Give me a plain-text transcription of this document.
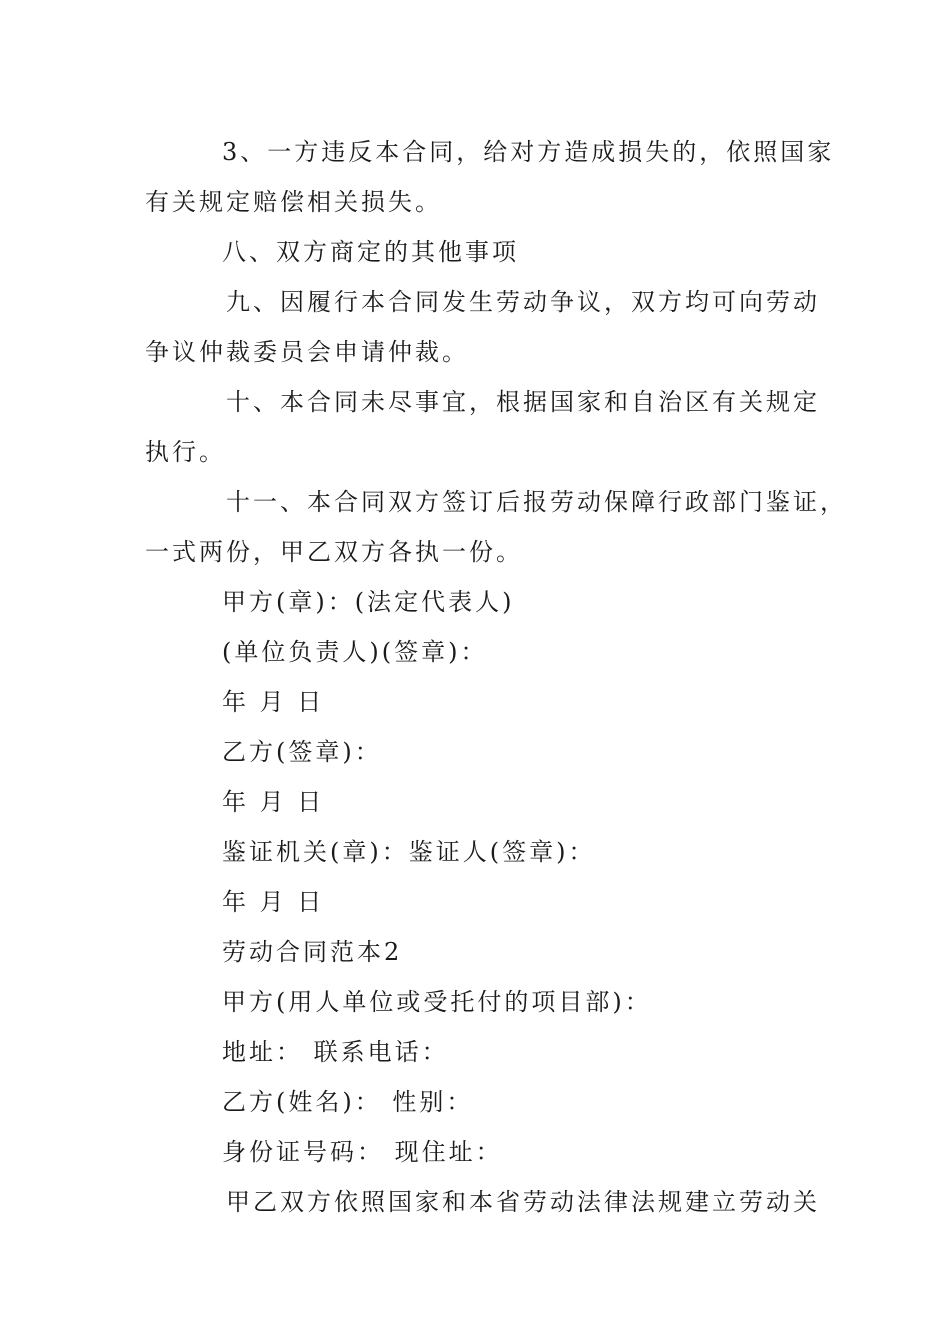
3、一方违反本合同，给对方造成损失的，依照国家
有关规定赔偿相关损失。
八、双方商定的其他事项
九、因履行本合同发生劳动争议，双方均可向劳动
争议仲裁委员会申请仲裁。
十、本合同未尽事宜，根据国家和自治区有关规定
执行。
十一、本合同双方签订后报劳动保障行政部门鉴证，
一式两份，甲乙双方各执一份。
甲方(章)：(法定代表人)
(单位负责人)(签章)：
年 月 日
乙方(签章)：
年 月 日
鉴证机关(章)：鉴证人(签章)：
年 月 日
劳动合同范本2
甲方(用人单位或受托付的项目部)：
地址： 联系电话：
乙方(姓名)： 性别：
身份证号码： 现住址：
甲乙双方依照国家和本省劳动法律法规建立劳动关
